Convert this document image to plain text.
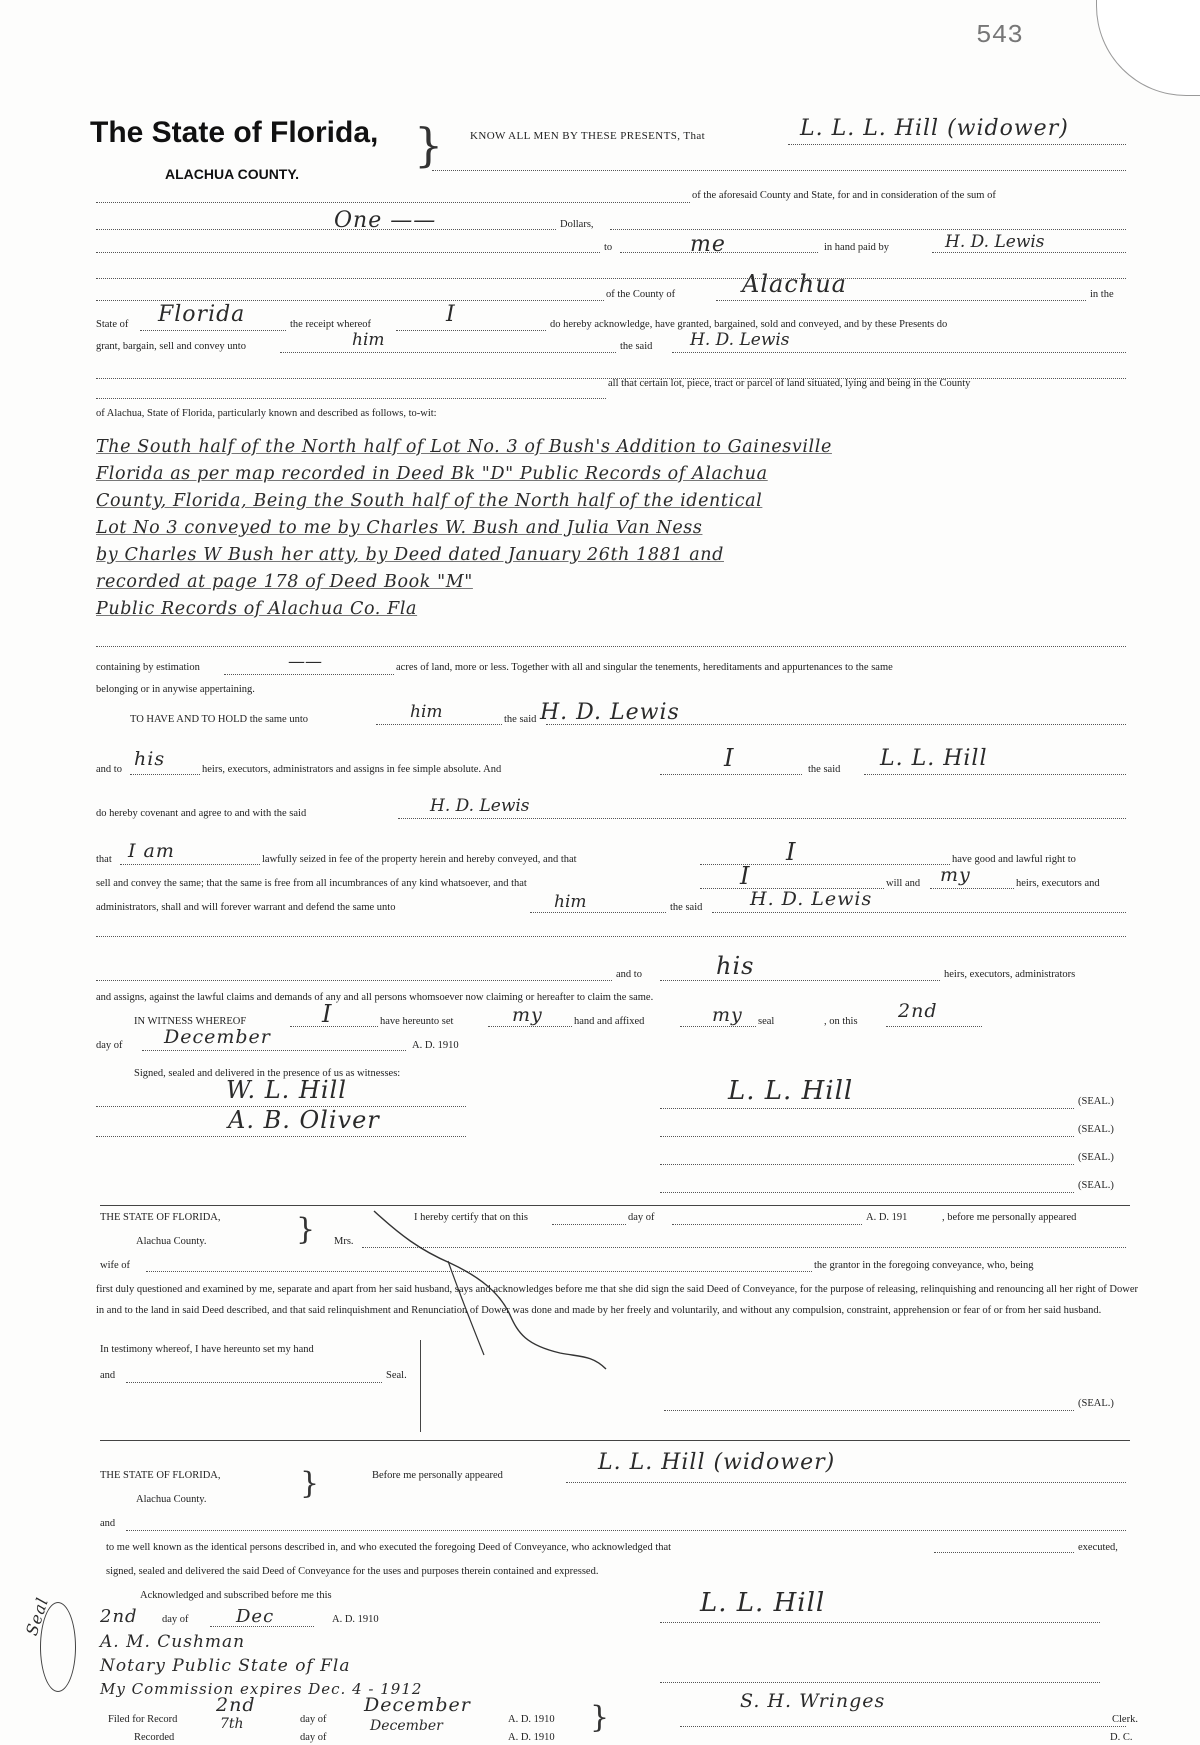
543
The State of Florida,
ALACHUA COUNTY.
} KNOW ALL MEN BY THESE PRESENTS, That	L. L. L. Hill (widower)
of the aforesaid County and State, for and in consideration of the sum of
One ——	Dollars,
to	me	in hand paid by	H. D. Lewis
of the County of	Alachua	in the
State of Florida	the receipt whereof	I	do hereby acknowledge, have granted, bargained, sold and conveyed, and by these Presents do
grant, bargain, sell and convey unto	him	the said H. D. Lewis
all that certain lot, piece, tract or parcel of land situated, lying and being in the County
of Alachua, State of Florida, particularly known and described as follows, to-wit:
The South half of the North half of Lot No. 3 of Bush's Addition to Gainesville
Florida as per map recorded in Deed Bk "D" Public Records of Alachua
County, Florida, Being the South half of the North half of the identical
Lot No 3 conveyed to me by Charles W. Bush and Julia Van Ness
by Charles W Bush her atty, by Deed dated January 26th 1881 and
recorded at page 178 of Deed Book "M"
Public Records of Alachua Co. Fla
containing by estimation	——	acres of land, more or less. Together with all and singular the tenements, hereditaments and appurtenances to the same
belonging or in anywise appertaining.
TO HAVE AND TO HOLD the same unto	him	the said H. D. Lewis
and to his	heirs, executors, administrators and assigns in fee simple absolute. And	I	the said L. L. Hill
do hereby covenant and agree to and with the said	H. D. Lewis
that I am	lawfully seized in fee of the property herein and hereby conveyed, and that	I	have good and lawful right to
sell and convey the same; that the same is free from all incumbrances of any kind whatsoever, and that	I	will and my	heirs, executors and
administrators, shall and will forever warrant and defend the same unto	him	the said	H. D. Lewis
and to	his	heirs, executors, administrators
and assigns, against the lawful claims and demands of any and all persons whomsoever now claiming or hereafter to claim the same.
IN WITNESS WHEREOF	I	have hereunto set	my	hand and affixed	my seal	, on this 2nd
day of December	A. D. 1910
Signed, sealed and delivered in the presence of us as witnesses:
W. L. Hill
A. B. Oliver
L. L. Hill	(SEAL.)
(SEAL.)
(SEAL.)
(SEAL.)
THE STATE OF FLORIDA,
Alachua County.	}	I hereby certify that on this	day of	A. D. 191	, before me personally appeared
Mrs.
wife of	the grantor in the foregoing conveyance, who, being
first duly questioned and examined by me, separate and apart from her said husband, says and acknowledges before me that she did sign the said Deed of Conveyance, for the purpose of releasing, relinquishing and renouncing all her right of Dower in and to the land in said Deed described, and that said relinquishment and Renunciation of Dower was done and made by her freely and voluntarily, and without any compulsion, constraint, apprehension or fear of or from her said husband.
In testimony whereof, I have hereunto set my hand
and	Seal.
(SEAL.)
THE STATE OF FLORIDA,
Alachua County.	}	Before me personally appeared
L. L. Hill (widower)
and
to me well known as the identical persons described in, and who executed the foregoing Deed of Conveyance, who acknowledged that	executed,
signed, sealed and delivered the said Deed of Conveyance for the uses and purposes therein contained and expressed.
Acknowledged and subscribed before me this
2nd day of	Dec	A. D. 1910
A. M. Cushman
Notary Public State of Fla
My Commission expires Dec. 4 - 1912
Seal	L. L. Hill
Filed for Record
2nd
day of
December
A. D. 1910 }	S. H. Wringes
Clerk.
Recorded
7th
day of
December
A. D. 1910	D. C.
